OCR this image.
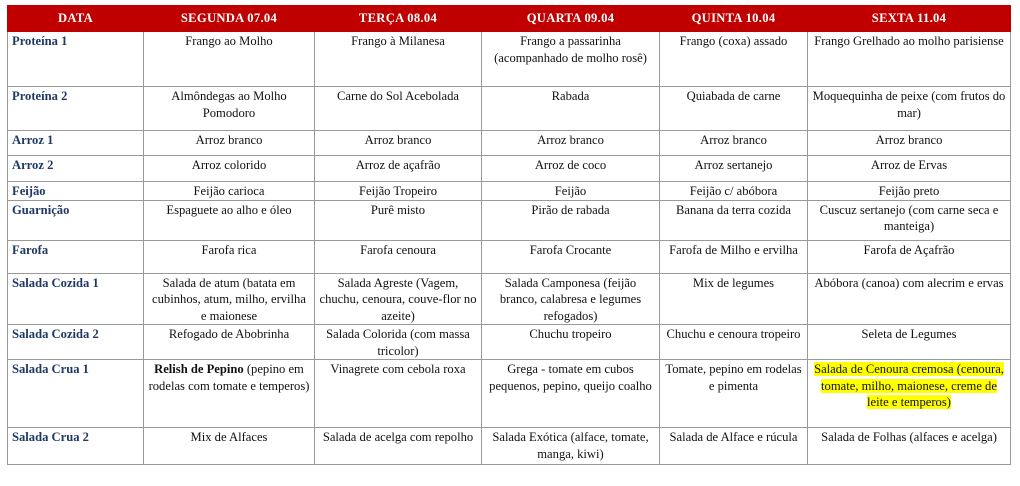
DATA	SEGUNDA 07.04	TERÇA 08.04	QUARTA 09.04	QUINTA 10.04	SEXTA 11.04
Proteína 1	Frango ao Molho	Frango à Milanesa	Frango a passarinha (acompanhado de molho rosê)	Frango (coxa) assado	Frango Grelhado ao molho parisiense
Proteína 2	Almôndegas ao Molho Pomodoro	Carne do Sol Acebolada	Rabada	Quiabada de carne	Moquequinha de peixe (com frutos do mar)
Arroz 1	Arroz branco	Arroz branco	Arroz branco	Arroz branco	Arroz branco
Arroz 2	Arroz colorido	Arroz de açafrão	Arroz de coco	Arroz sertanejo	Arroz de Ervas
Feijão	Feijão carioca	Feijão Tropeiro	Feijão	Feijão c/ abóbora	Feijão preto
Guarnição	Espaguete ao alho e óleo	Purê misto	Pirão de rabada	Banana da terra cozida	Cuscuz sertanejo (com carne seca e manteiga)
Farofa	Farofa rica	Farofa cenoura	Farofa Crocante	Farofa de Milho e ervilha	Farofa de Açafrão
Salada Cozida 1	Salada de atum (batata em cubinhos, atum, milho, ervilha e maionese	Salada Agreste (Vagem, chuchu, cenoura, couve-flor no azeite)	Salada Camponesa (feijão branco, calabresa e legumes refogados)	Mix de legumes	Abóbora (canoa) com alecrim e ervas
Salada Cozida 2	Refogado de Abobrinha	Salada Colorida (com massa tricolor)	Chuchu tropeiro	Chuchu e cenoura tropeiro	Seleta de Legumes
Salada Crua 1	Relish de Pepino (pepino em rodelas com tomate e temperos)	Vinagrete com cebola roxa	Grega - tomate em cubos pequenos, pepino, queijo coalho	Tomate, pepino em rodelas e pimenta	Salada de Cenoura cremosa (cenoura, tomate, milho, maionese, creme de leite e temperos)
Salada Crua 2	Mix de Alfaces	Salada de acelga com repolho	Salada Exótica (alface, tomate, manga, kiwi)	Salada de Alface e rúcula	Salada de Folhas (alfaces e acelga)
